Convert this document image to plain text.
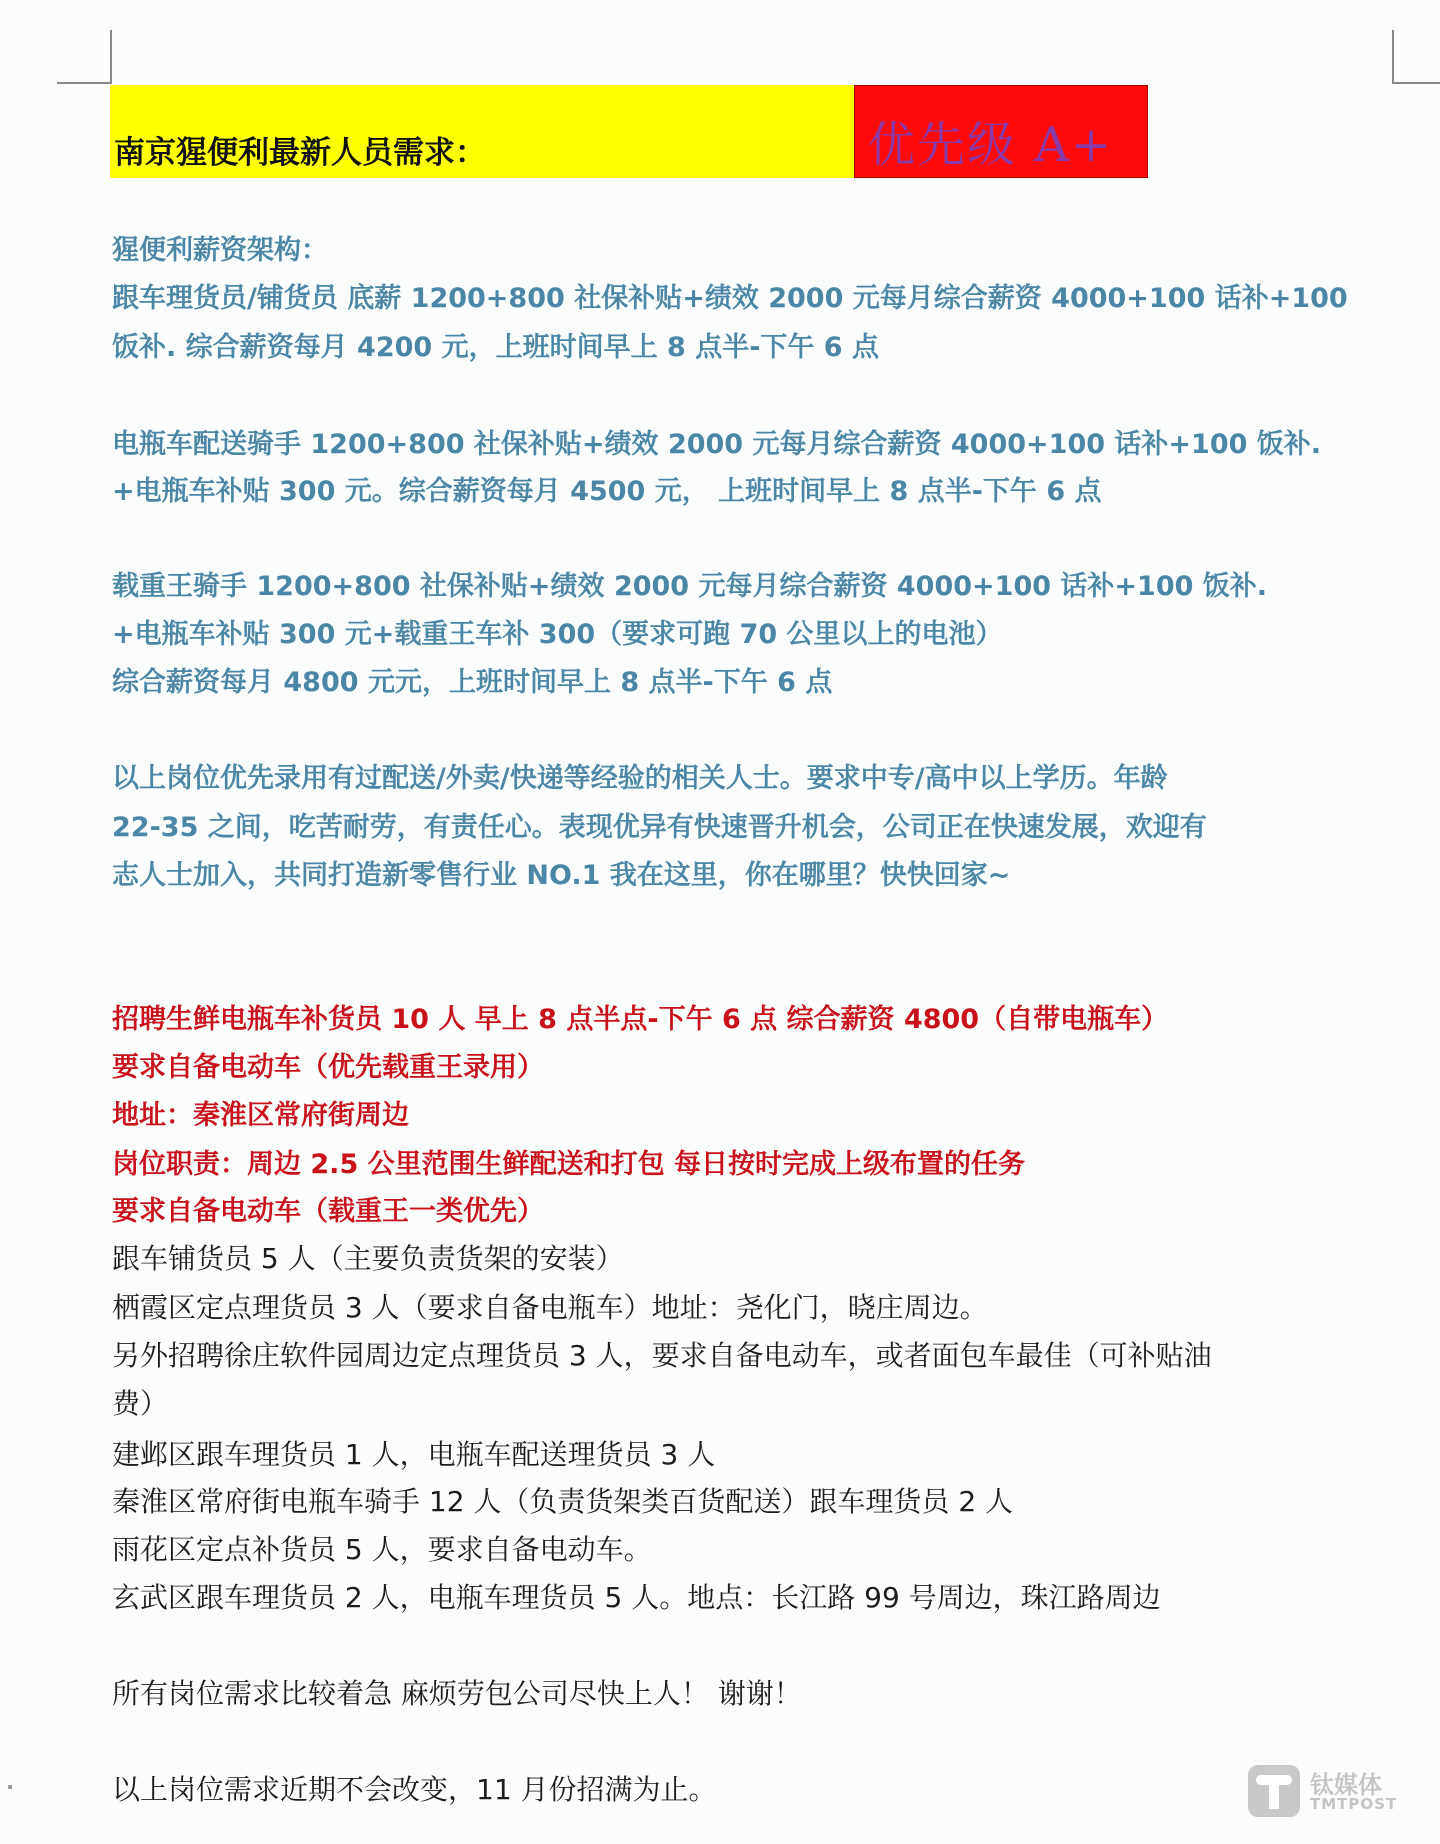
南京猩便利最新人员需求：	优先级 A+
猩便利薪资架构：
跟车理货员/铺货员 底薪 1200+800 社保补贴+绩效 2000 元每月综合薪资 4000+100 话补+100
饭补. 综合薪资每月 4200 元，上班时间早上 8 点半-下午 6 点
电瓶车配送骑手 1200+800 社保补贴+绩效 2000 元每月综合薪资 4000+100 话补+100 饭补.
+电瓶车补贴 300 元。综合薪资每月 4500 元， 上班时间早上 8 点半-下午 6 点
载重王骑手 1200+800 社保补贴+绩效 2000 元每月综合薪资 4000+100 话补+100 饭补.
+电瓶车补贴 300 元+载重王车补 300（要求可跑 70 公里以上的电池）
综合薪资每月 4800 元元，上班时间早上 8 点半-下午 6 点
以上岗位优先录用有过配送/外卖/快递等经验的相关人士。要求中专/高中以上学历。年龄
22-35 之间，吃苦耐劳，有责任心。表现优异有快速晋升机会，公司正在快速发展，欢迎有
志人士加入，共同打造新零售行业 NO.1 我在这里，你在哪里？快快回家~
招聘生鲜电瓶车补货员 10 人 早上 8 点半点-下午 6 点 综合薪资 4800（自带电瓶车）
要求自备电动车（优先载重王录用）
地址：秦淮区常府街周边
岗位职责：周边 2.5 公里范围生鲜配送和打包 每日按时完成上级布置的任务
要求自备电动车（载重王一类优先）
跟车铺货员 5 人（主要负责货架的安装）
栖霞区定点理货员 3 人（要求自备电瓶车）地址：尧化门，晓庄周边。
另外招聘徐庄软件园周边定点理货员 3 人，要求自备电动车，或者面包车最佳（可补贴油
费）
建邺区跟车理货员 1 人，电瓶车配送理货员 3 人
秦淮区常府街电瓶车骑手 12 人（负责货架类百货配送）跟车理货员 2 人
雨花区定点补货员 5 人，要求自备电动车。
玄武区跟车理货员 2 人，电瓶车理货员 5 人。地点：长江路 99 号周边，珠江路周边
所有岗位需求比较着急 麻烦劳包公司尽快上人！ 谢谢！
以上岗位需求近期不会改变，11 月份招满为止。	钛媒体
TMTPOST
